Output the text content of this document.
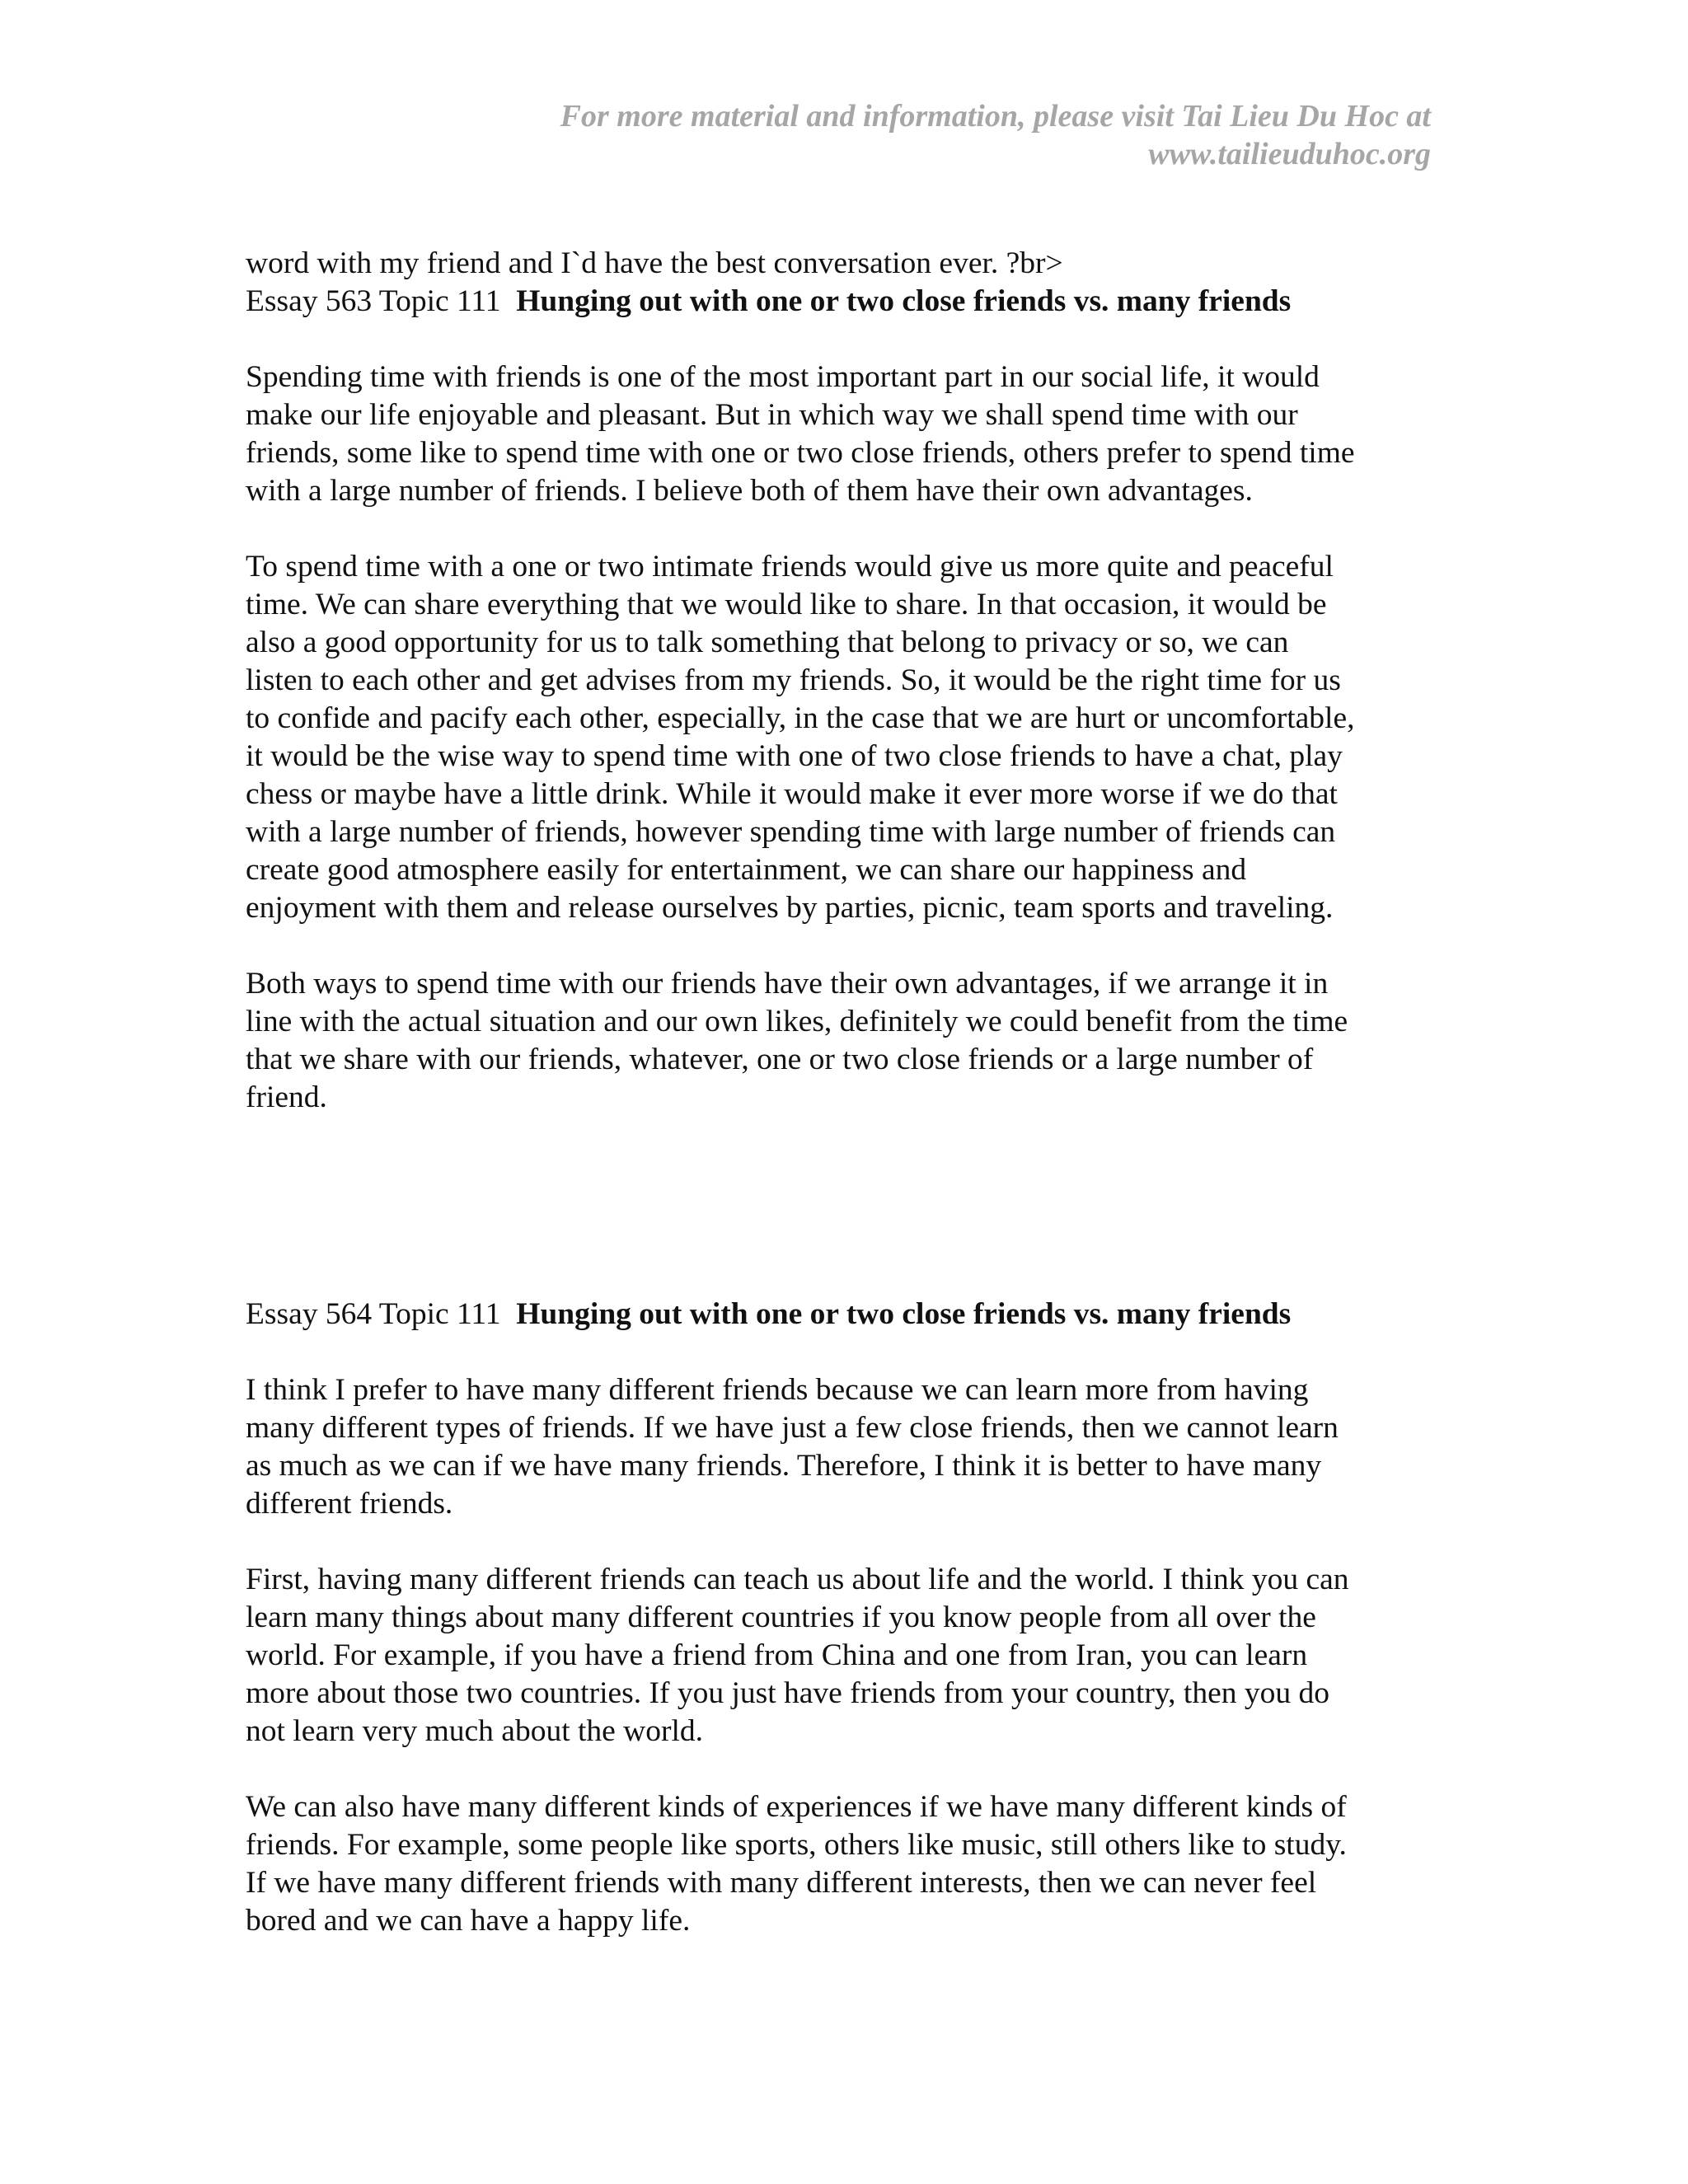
For more material and information, please visit Tai Lieu Du Hoc at
www.tailieuduhoc.org
word with my friend and I`d have the best conversation ever. ?br>
Essay 563 Topic 111  Hunging out with one or two close friends vs. many friends
Spending time with friends is one of the most important part in our social life, it would
make our life enjoyable and pleasant. But in which way we shall spend time with our
friends, some like to spend time with one or two close friends, others prefer to spend time
with a large number of friends. I believe both of them have their own advantages.

To spend time with a one or two intimate friends would give us more quite and peaceful
time. We can share everything that we would like to share. In that occasion, it would be
also a good opportunity for us to talk something that belong to privacy or so, we can
listen to each other and get advises from my friends. So, it would be the right time for us
to confide and pacify each other, especially, in the case that we are hurt or uncomfortable,
it would be the wise way to spend time with one of two close friends to have a chat, play
chess or maybe have a little drink. While it would make it ever more worse if we do that
with a large number of friends, however spending time with large number of friends can
create good atmosphere easily for entertainment, we can share our happiness and
enjoyment with them and release ourselves by parties, picnic, team sports and traveling.

Both ways to spend time with our friends have their own advantages, if we arrange it in
line with the actual situation and our own likes, definitely we could benefit from the time
that we share with our friends, whatever, one or two close friends or a large number of
friend.
Essay 564 Topic 111  Hunging out with one or two close friends vs. many friends

I think I prefer to have many different friends because we can learn more from having
many different types of friends. If we have just a few close friends, then we cannot learn
as much as we can if we have many friends. Therefore, I think it is better to have many
different friends.

First, having many different friends can teach us about life and the world. I think you can
learn many things about many different countries if you know people from all over the
world. For example, if you have a friend from China and one from Iran, you can learn
more about those two countries. If you just have friends from your country, then you do
not learn very much about the world.

We can also have many different kinds of experiences if we have many different kinds of
friends. For example, some people like sports, others like music, still others like to study.
If we have many different friends with many different interests, then we can never feel
bored and we can have a happy life.
